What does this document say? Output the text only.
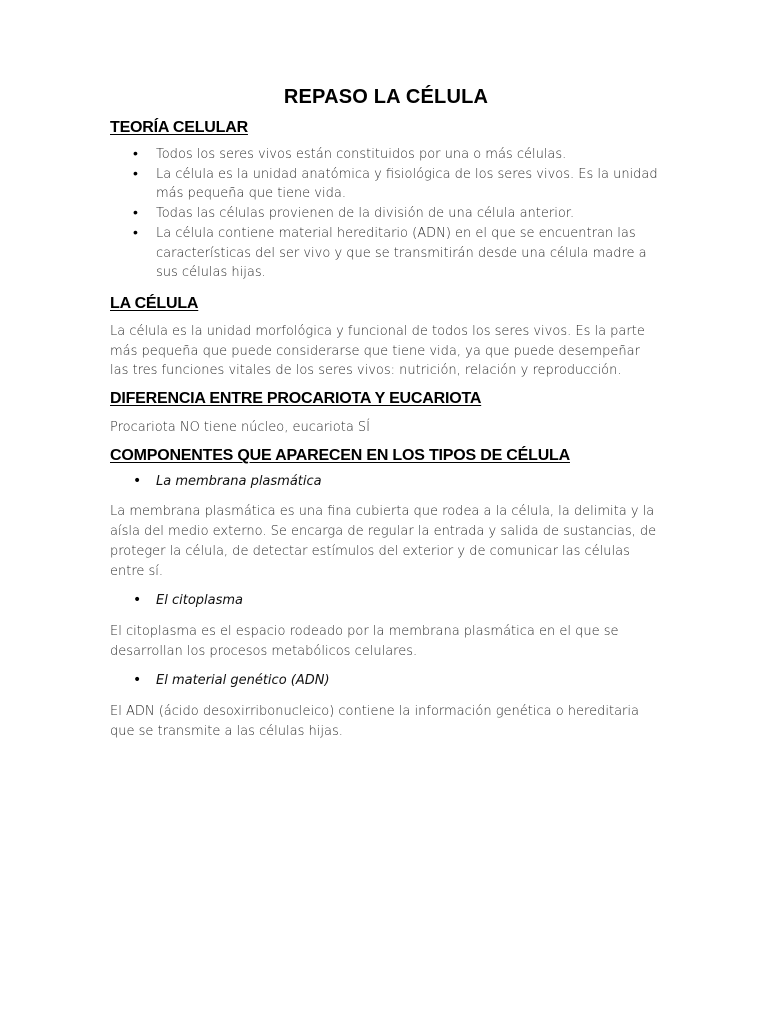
REPASO LA CÉLULA
TEORÍA CELULAR
• Todos los seres vivos están constituidos por una o más células.
• La célula es la unidad anatómica y fisiológica de los seres vivos. Es la unidad más pequeña que tiene vida.
• Todas las células provienen de la división de una célula anterior.
• La célula contiene material hereditario (ADN) en el que se encuentran las características del ser vivo y que se transmitirán desde una célula madre a sus células hijas.
LA CÉLULA

La célula es la unidad morfológica y funcional de todos los seres vivos. Es la parte más pequeña que puede considerarse que tiene vida, ya que puede desempeñar las tres funciones vitales de los seres vivos: nutrición, relación y reproducción.

DIFERENCIA ENTRE PROCARIOTA Y EUCARIOTA

Procariota NO tiene núcleo, eucariota SÍ

COMPONENTES QUE APARECEN EN LOS TIPOS DE CÉLULA

• La membrana plasmática

La membrana plasmática es una fina cubierta que rodea a la célula, la delimita y la aísla del medio externo. Se encarga de regular la entrada y salida de sustancias, de proteger la célula, de detectar estímulos del exterior y de comunicar las células entre sí.

• El citoplasma

El citoplasma es el espacio rodeado por la membrana plasmática en el que se desarrollan los procesos metabólicos celulares.

• El material genético (ADN)

El ADN (ácido desoxirribonucleico) contiene la información genética o hereditaria que se transmite a las células hijas.
